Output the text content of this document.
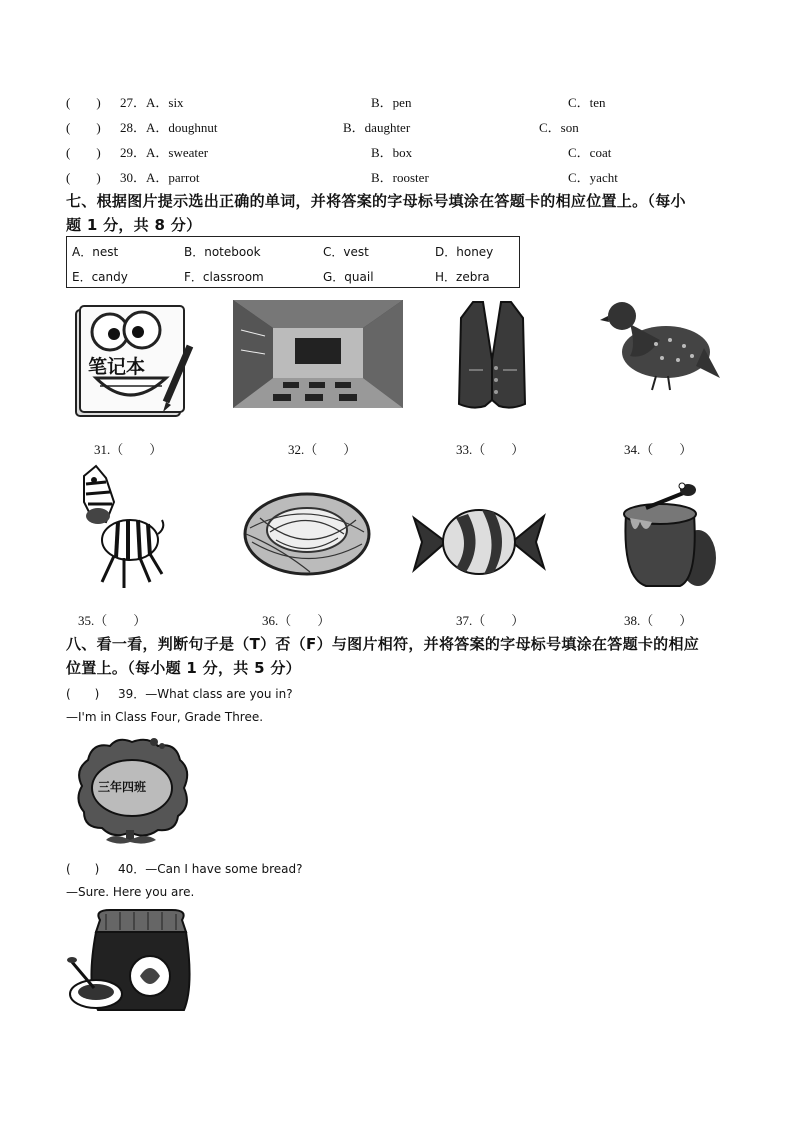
(　　) 27．A．six	B．pen	C．ten
(　　) 28．A．doughnut	B．daughter	C．son
(　　) 29．A．sweater	B．box	C．coat
(　　) 30．A．parrot	B．rooster	C．yacht
七、根据图片提示选出正确的单词，并将答案的字母标号填涂在答题卡的相应位置上。（每小
题 1 分，共 8 分）
A．nest	B．notebook	C．vest	D．honey
E．candy	F．classroom	G．quail	H．zebra
笔记本
31.（　　）	32.（　　）	33.（　　）	34.（　　）
35.（　　）	36.（　　）	37.（　　）	38.（　　）
八、看一看，判断句子是（T）否（F）与图片相符，并将答案的字母标号填涂在答题卡的相应
位置上。（每小题 1 分，共 5 分）
(　　) 39．—What class are you in?
—I'm in Class Four, Grade Three.
三年四班
(　　) 40．—Can I have some bread?
—Sure. Here you are.
